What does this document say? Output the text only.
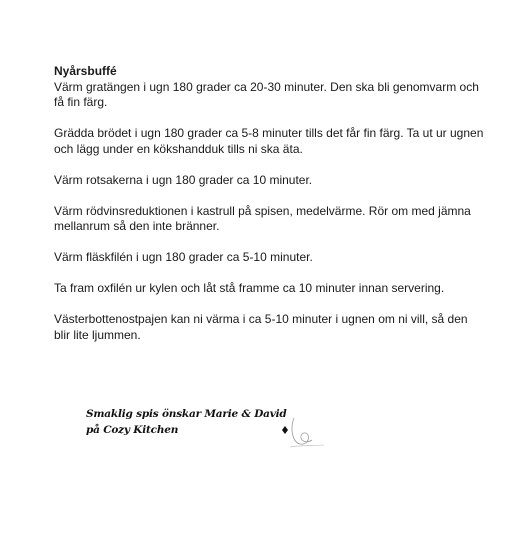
Nyårsbuffé

Värm gratängen i ugn 180 grader ca 20-30 minuter. Den ska bli genomvarm och få fin färg.

Grädda brödet i ugn 180 grader ca 5-8 minuter tills det får fin färg. Ta ut ur ugnen och lägg under en kökshandduk tills ni ska äta.

Värm rotsakerna i ugn 180 grader ca 10 minuter.

Värm rödvinsreduktionen i kastrull på spisen, medelvärme. Rör om med jämna mellanrum så den inte bränner.

Värm fläskfilén i ugn 180 grader ca 5-10 minuter.

Ta fram oxfilén ur kylen och låt stå framme ca 10 minuter innan servering.

Västerbottenostpajen kan ni värma i ca 5-10 minuter i ugnen om ni vill, så den blir lite ljummen.

Smaklig spis önskar Marie & David
på Cozy Kitchen
